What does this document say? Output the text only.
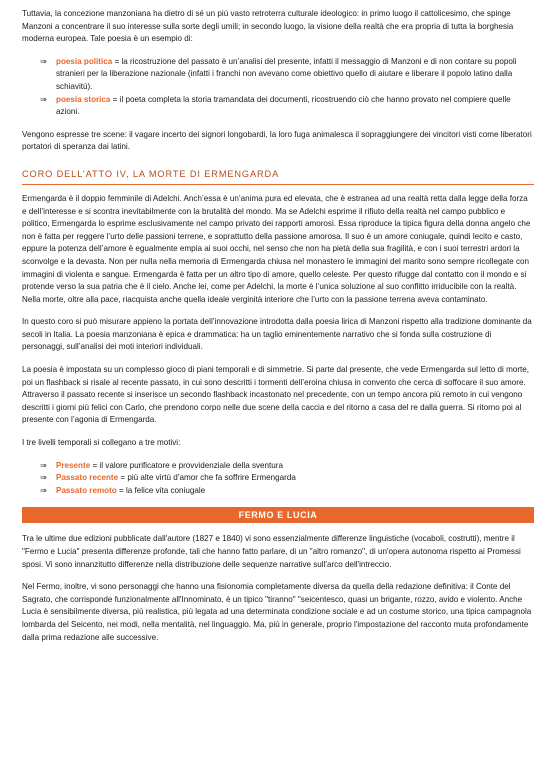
Tuttavia, la concezione manzoniana ha dietro di sé un più vasto retroterra culturale ideologico: in primo luogo il cattolicesimo, che spinge Manzoni a concentrare il suo interesse sulla sorte degli umili; in secondo luogo, la visione della realtà che era propria di tutta la borghesia moderna europea. Tale poesia è un esempio di:

⇒ poesia politica = la ricostruzione del passato è un’analisi del presente, infatti il messaggio di Manzoni e di non contare su popoli stranieri per la liberazione nazionale (infatti i franchi non avevano come obiettivo quello di aiutare e liberare il popolo latino dalla schiavitù).
⇒ poesia storica = il poeta completa la storia tramandata dei documenti, ricostruendo ciò che hanno provato nel compiere quelle azioni.

Vengono espresse tre scene: il vagare incerto dei signori longobardi, la loro fuga animalesca il sopraggiungere dei vincitori visti come liberatori portatori di speranza dai latini.

CORO DELL’ATTO IV, LA MORTE DI ERMENGARDA

Ermengarda è il doppio femminile di Adelchi. Anch’essa è un’anima pura ed elevata, che è estranea ad una realtà retta dalla legge della forza e dell’interesse e si scontra inevitabilmente con la brutalità del mondo. Ma se Adelchi esprime il rifiuto della realtà nel campo pubblico e politico, Ermengarda lo esprime esclusivamente nel campo privato dei rapporti amorosi. Essa riproduce la tipica figura della donna angelo che non è fatta per reggere l’urto delle passioni terrene, e soprattutto della passione amorosa. Il suo è un amore coniugale, quindi lecito e casto, eppure la potenza dell’amore è egualmente empia ai suoi occhi, nel senso che non ha pietà della sua fragilità, e con i suoi terrestri ardori la sconvolge e la devasta. Non per nulla nella memoria di Ermengarda chiusa nel monastero le immagini del marito sono sempre ricollegate con immagini di violenta e sangue. Ermengarda è fatta per un altro tipo di amore, quello celeste. Per questo rifugge dal contatto con il mondo e si protende verso la sua patria che è il cielo. Anche lei, come per Adelchi, la morte è l’unica soluzione al suo conflitto irriducibile con la realtà. Nella morte, oltre alla pace, riacquista anche quella ideale verginità interiore che l’urto con la passione terrena aveva contaminato.

In questo coro si può misurare appieno la portata dell’innovazione introdotta dalla poesia lirica di Manzoni rispetto alla tradizione dominante da secoli in Italia. La poesia manzoniana è epica e drammatica: ha un taglio eminentemente narrativo che si fonda sulla costruzione di personaggi, sull’analisi dei moti interiori individuali.

La poesia è impostata su un complesso gioco di piani temporali e di simmetrie. Si parte dal presente, che vede Ermengarda sul letto di morte, poi un flashback si risale al recente passato, in cui sono descritti i tormenti dell’eroina chiusa in convento che cerca di soffocare il suo amore. Attraverso il passato recente si inserisce un secondo flashback incastonato nel precedente, con un tempo ancora più remoto in cui vengono descritti i giorni più felici con Carlo, che prendono corpo nelle due scene della caccia e del ritorno a casa del re dalla guerra. Si ritorno poi al presente con l’agonia di Ermengarda.

I tre livelli temporali si collegano a tre motivi:

⇒ Presente = il valore purificatore e provvidenziale della sventura
⇒ Passato recente = più alte virtù d’amor che fa soffrire Ermengarda
⇒ Passato remoto = la felice vita coniugale
FERMO E LUCIA

Tra le ultime due edizioni pubblicate dall'autore (1827 e 1840) vi sono essenzialmente differenze linguistiche (vocaboli, costrutti), mentre il "Fermo e Lucia" presenta differenze profonde, tali che hanno fatto parlare, di un "altro romanzo", di un'opera autonoma rispetto ai Promessi sposi. Vi sono innanzitutto differenze nella distribuzione delle sequenze narrative sull'arco dell'intreccio.

Nel Fermo, inoltre, vi sono personaggi che hanno una fisionomia completamente diversa da quella della redazione definitiva: il Conte del Sagrato, che corrisponde funzionalmente all'Innominato, è un tipico "tiranno" "seicentesco, quasi un brigante, rozzo, avido e violento. Anche Lucia è sensibilmente diversa, più realistica, più legata ad una determinata condizione sociale e ad un costume storico, una tipica campagnola lombarda del Seicento, nei modi, nella mentalità, nel linguaggio. Ma, più in generale, proprio l'impostazione del racconto muta profondamente dalla prima redazione alle successive.
